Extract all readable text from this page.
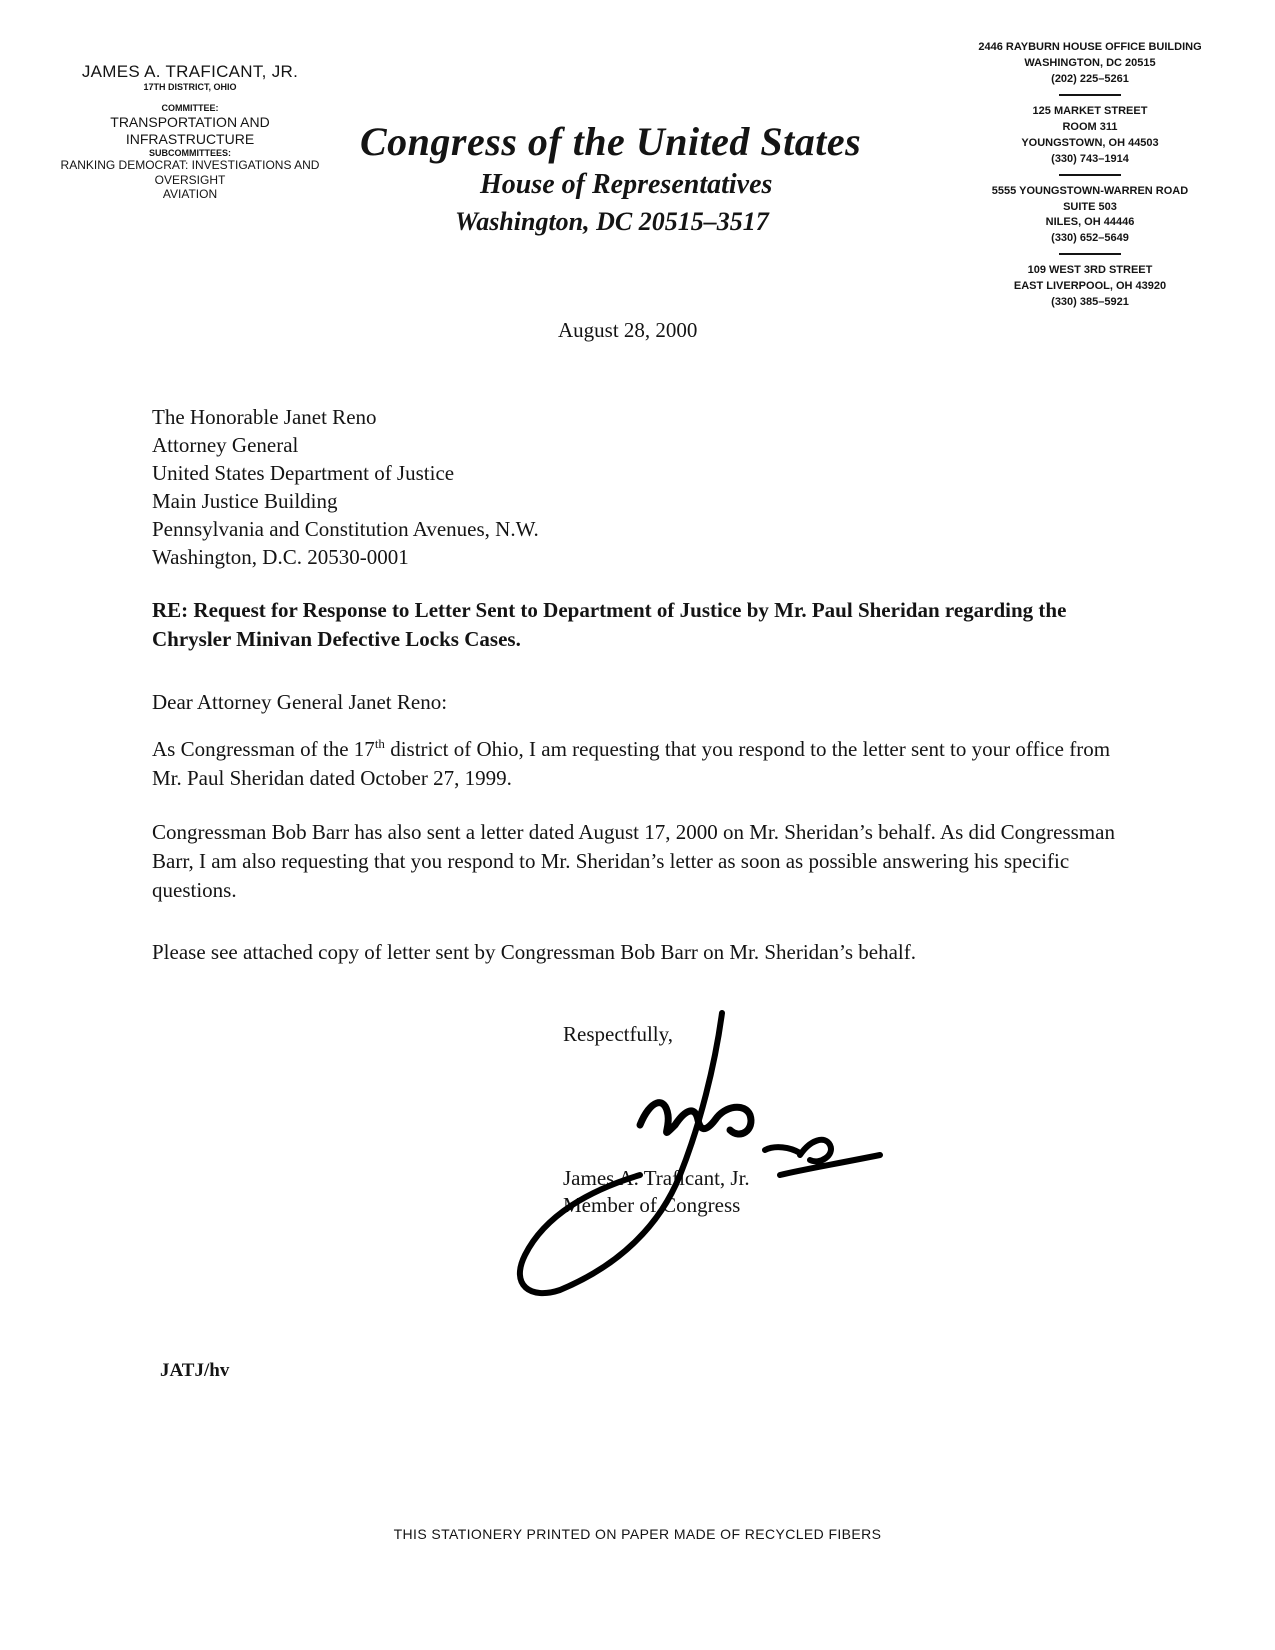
JAMES A. TRAFICANT, JR.
17TH DISTRICT, OHIO
COMMITTEE:
TRANSPORTATION AND INFRASTRUCTURE
SUBCOMMITTEES:
RANKING DEMOCRAT: INVESTIGATIONS AND OVERSIGHT
AVIATION
Congress of the United States
House of Representatives
Washington, DC 20515–3517
2446 RAYBURN HOUSE OFFICE BUILDING
WASHINGTON, DC 20515
(202) 225–5261
125 MARKET STREET
ROOM 311
YOUNGSTOWN, OH 44503
(330) 743–1914
5555 YOUNGSTOWN-WARREN ROAD
SUITE 503
NILES, OH 44446
(330) 652–5649
109 WEST 3RD STREET
EAST LIVERPOOL, OH 43920
(330) 385–5921
August 28, 2000
The Honorable Janet Reno
Attorney General
United States Department of Justice
Main Justice Building
Pennsylvania and Constitution Avenues, N.W.
Washington, D.C. 20530-0001
RE: Request for Response to Letter Sent to Department of Justice by Mr. Paul Sheridan regarding the Chrysler Minivan Defective Locks Cases.
Dear Attorney General Janet Reno:
As Congressman of the 17th district of Ohio, I am requesting that you respond to the letter sent to your office from Mr. Paul Sheridan dated October 27, 1999.
Congressman Bob Barr has also sent a letter dated August 17, 2000 on Mr. Sheridan’s behalf. As did Congressman Barr, I am also requesting that you respond to Mr. Sheridan’s letter as soon as possible answering his specific questions.
Please see attached copy of letter sent by Congressman Bob Barr on Mr. Sheridan’s behalf.
Respectfully,
James A. Traficant, Jr.
Member of Congress
JATJ/hv
THIS STATIONERY PRINTED ON PAPER MADE OF RECYCLED FIBERS
